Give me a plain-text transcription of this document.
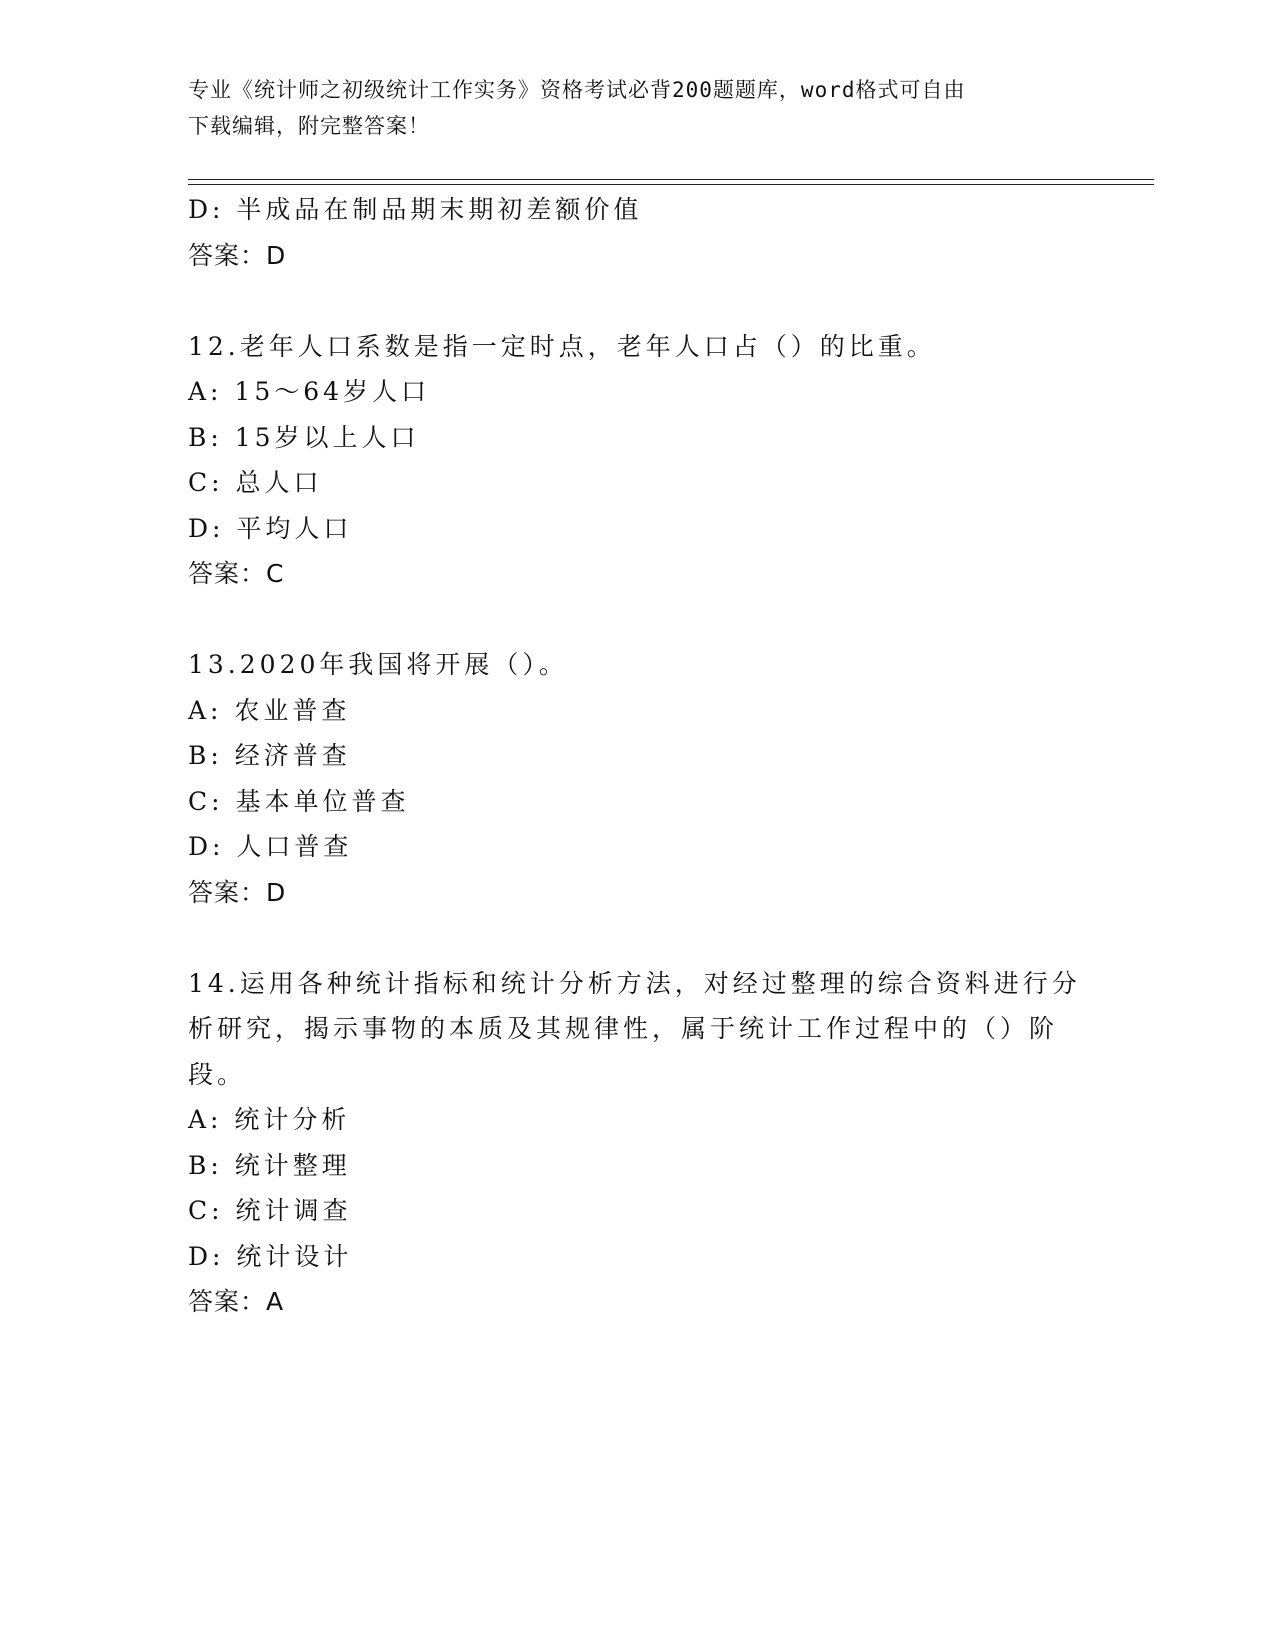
专业《统计师之初级统计工作实务》资格考试必背200题题库，word格式可自由
下载编辑，附完整答案！
D: 半成品在制品期末期初差额价值
答案：D
12.老年人口系数是指一定时点，老年人口占（）的比重。
A: 15～64岁人口
B: 15岁以上人口
C: 总人口
D: 平均人口
答案：C
13.2020年我国将开展（）。
A: 农业普查
B: 经济普查
C: 基本单位普查
D: 人口普查
答案：D
14.运用各种统计指标和统计分析方法，对经过整理的综合资料进行分
析研究，揭示事物的本质及其规律性，属于统计工作过程中的（）阶
段。
A: 统计分析
B: 统计整理
C: 统计调查
D: 统计设计
答案：A
